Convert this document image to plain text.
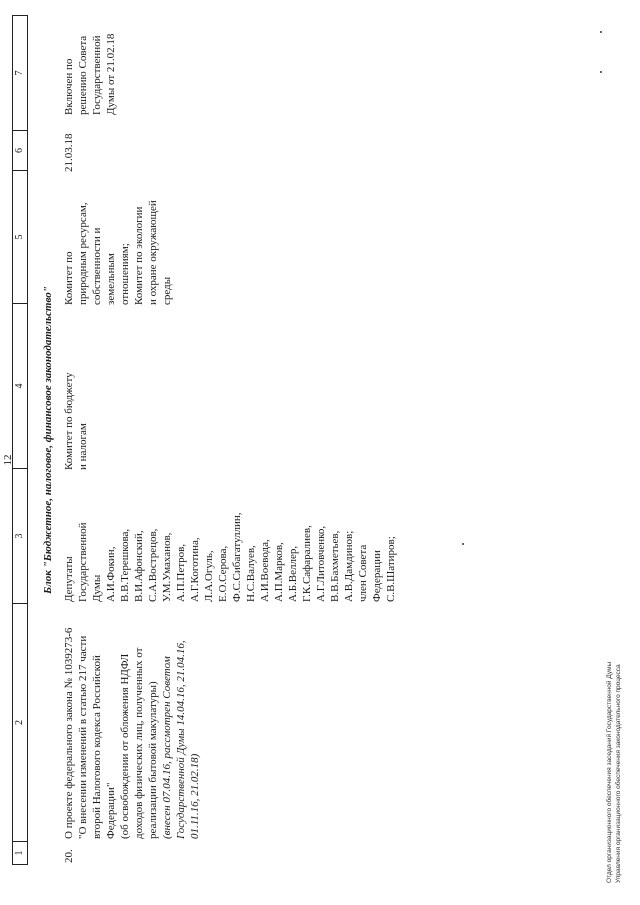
12
1
2
3
4
5
6
7
Блок "Бюджетное, налоговое, финансовое законодательство"
20.
О проекте федерального закона № 1039273-6 "О внесении изменений в статью 217 части второй Налогового кодекса Российской Федерации" (об освобождении от обложения НДФЛ доходов физических лиц, полученных от реализации бытовой макулатуры) (внесен 07.04.16, рассмотрен Советом Государственной Думы 14.04.16, 21.04.16, 01.11.16, 21.02.18)
Депутаты Государственной Думы А.И.Фокин, В.В.Терешкова, В.И.Афонский, С.А.Вострецов, У.М.Умаханов, А.П.Петров, А.Г.Коготина, Л.А.Огуль, Е.О.Серова, Ф.С.Сибагатуллин, Н.С.Валуев, А.И.Воевода, А.П.Марков, А.Б.Веллер, Г.К.Сафаралиев, А.Г.Литовченко, В.В.Бахметьев, А.В.Дамдинов; член Совета Федерации С.В.Шатиров;
Комитет по бюджету и налогам
Комитет по природным ресурсам, собственности и земельным отношениям; Комитет по экологии и охране окружающей среды
21.03.18
Включен по решению Совета Государственной Думы от 21.02.18
Отдел организационного обеспечения заседаний Государственной Думы Управления организационного обеспечения законодательного процесса
